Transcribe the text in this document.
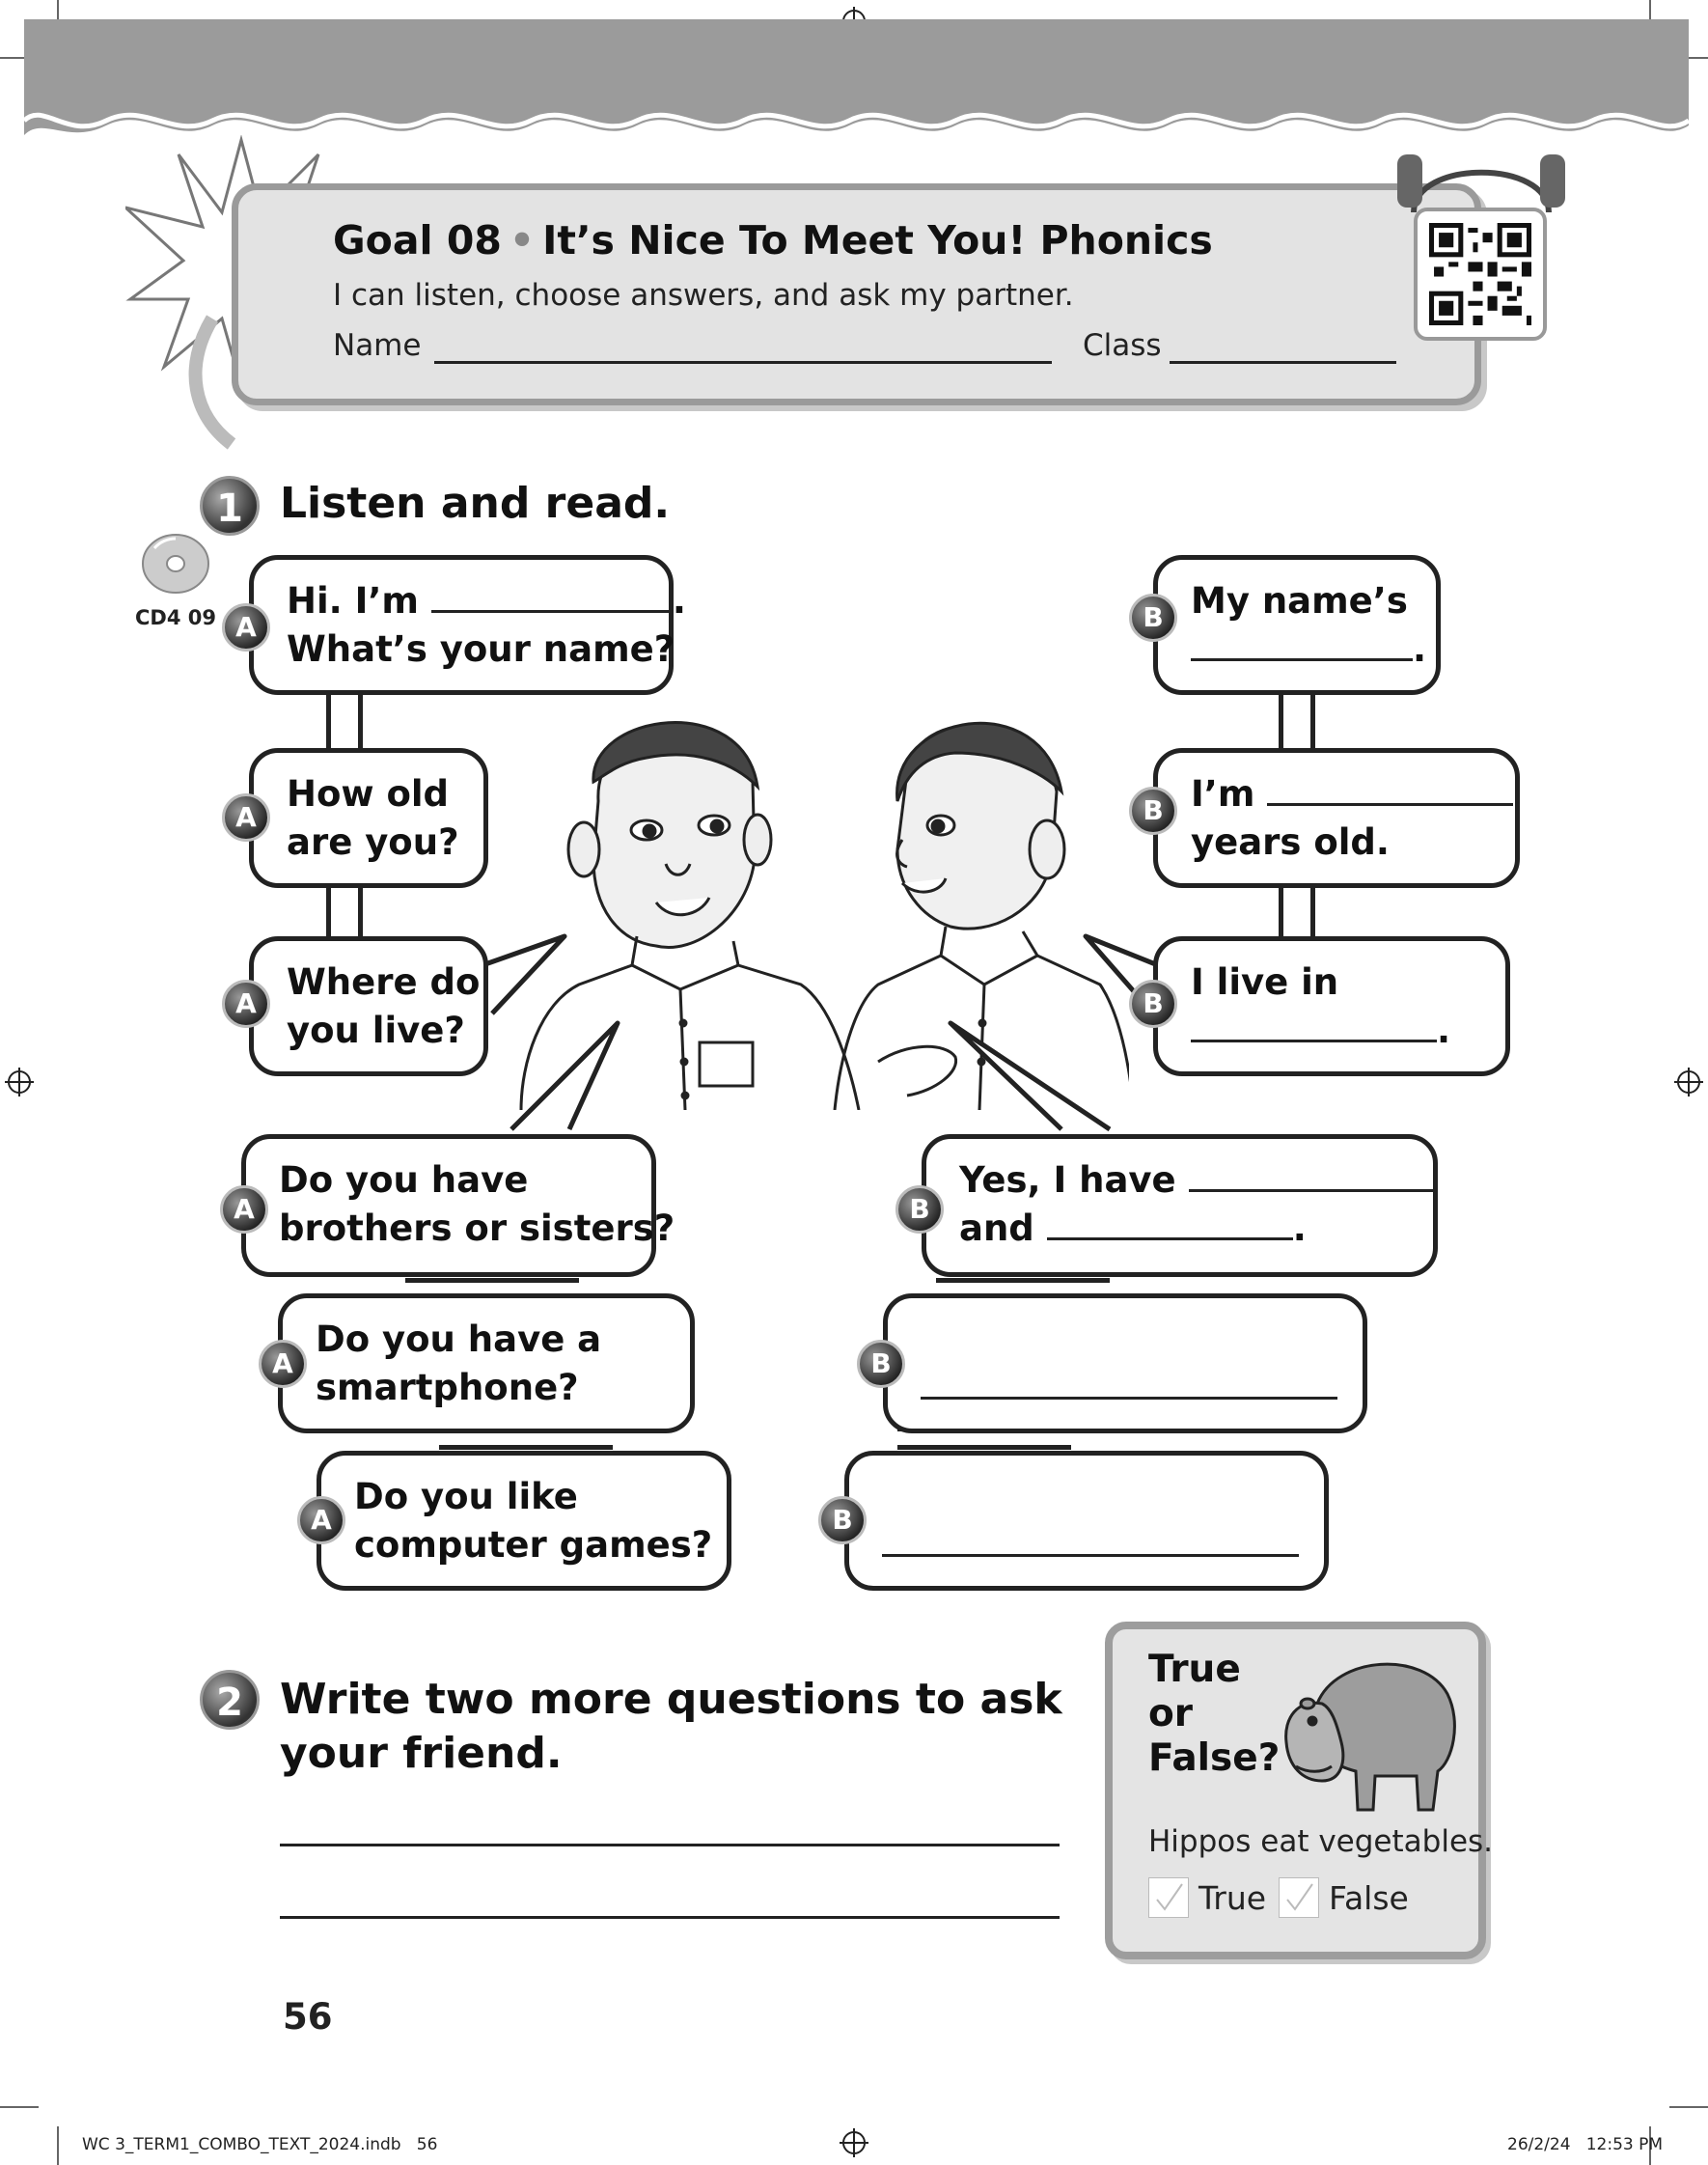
Goal 08 • It’s Nice To Meet You! Phonics
I can listen, choose answers, and ask my partner.
Name	Class
1 Listen and read.
CD4 09	Hi. I’m	.
What’s your name?
A
How old
are you?
A
Where do
you live?
A
Do you have
brothers or sisters?
A
Do you have a
smartphone?
A
Do you like
computer games?
A
My name’s
.
B
I’m
years old.
B
I live in
.
B
Yes, I have
and	.
B

B

B
2 Write two more questions to ask
your friend.
True
or
False?
Hippos eat vegetables.
True False
56
WC 3_TERM1_COMBO_TEXT_2024.indb   56	26/2/24   12:53 PM
